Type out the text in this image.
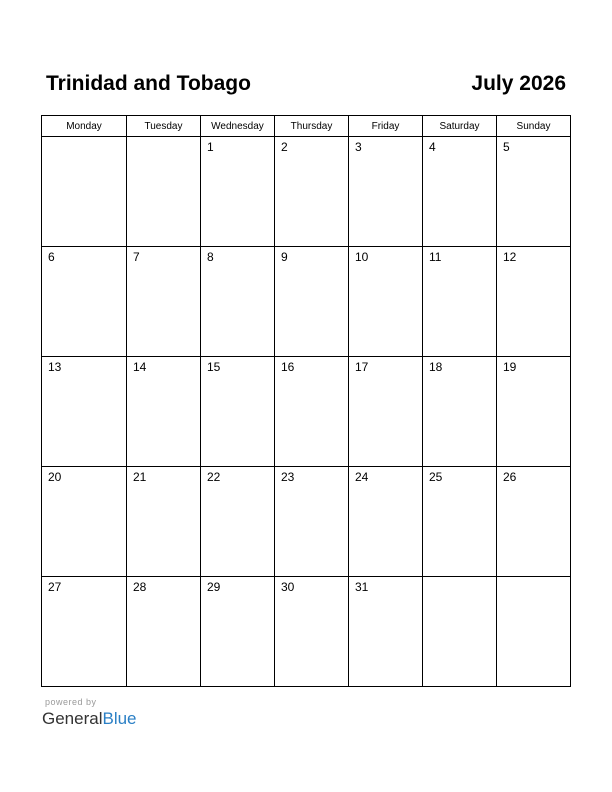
Trinidad and Tobago	July 2026
Monday	Tuesday	Wednesday	Thursday	Friday	Saturday	Sunday

		1	2	3	4	5

6	7	8	9	10	11	12

13	14	15	16	17	18	19

20	21	22	23	24	25	26

27	28	29	30	31		

powered by
GeneralBlue
